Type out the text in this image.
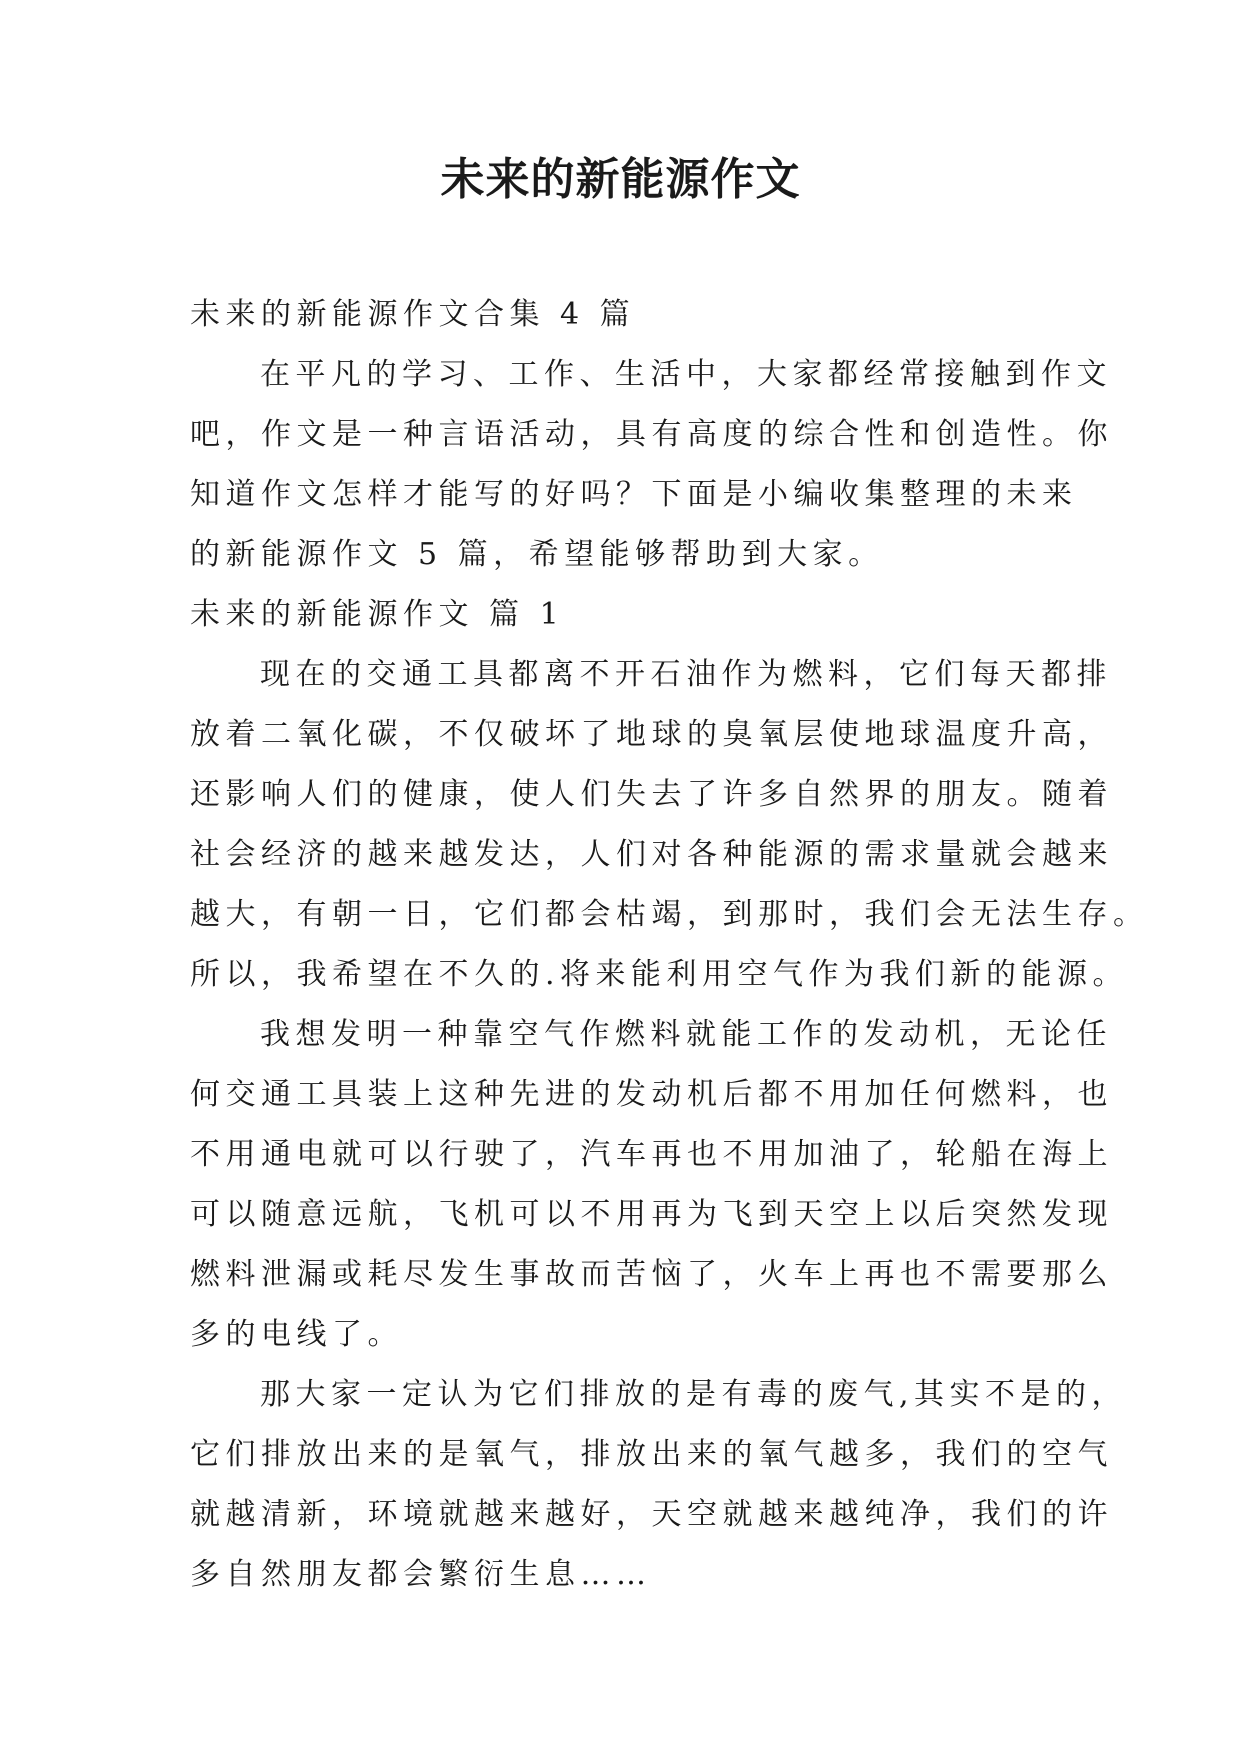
未来的新能源作文
未来的新能源作文合集 4 篇
在平凡的学习、工作、生活中，大家都经常接触到作文
吧，作文是一种言语活动，具有高度的综合性和创造性。你
知道作文怎样才能写的好吗？下面是小编收集整理的未来
的新能源作文 5 篇，希望能够帮助到大家。
未来的新能源作文 篇 1
现在的交通工具都离不开石油作为燃料，它们每天都排
放着二氧化碳，不仅破坏了地球的臭氧层使地球温度升高，
还影响人们的健康，使人们失去了许多自然界的朋友。随着
社会经济的越来越发达，人们对各种能源的需求量就会越来
越大，有朝一日，它们都会枯竭，到那时，我们会无法生存。
所以，我希望在不久的.将来能利用空气作为我们新的能源。
我想发明一种靠空气作燃料就能工作的发动机，无论任
何交通工具装上这种先进的发动机后都不用加任何燃料，也
不用通电就可以行驶了，汽车再也不用加油了，轮船在海上
可以随意远航，飞机可以不用再为飞到天空上以后突然发现
燃料泄漏或耗尽发生事故而苦恼了，火车上再也不需要那么
多的电线了。
那大家一定认为它们排放的是有毒的废气,其实不是的，
它们排放出来的是氧气，排放出来的氧气越多，我们的空气
就越清新，环境就越来越好，天空就越来越纯净，我们的许
多自然朋友都会繁衍生息……
